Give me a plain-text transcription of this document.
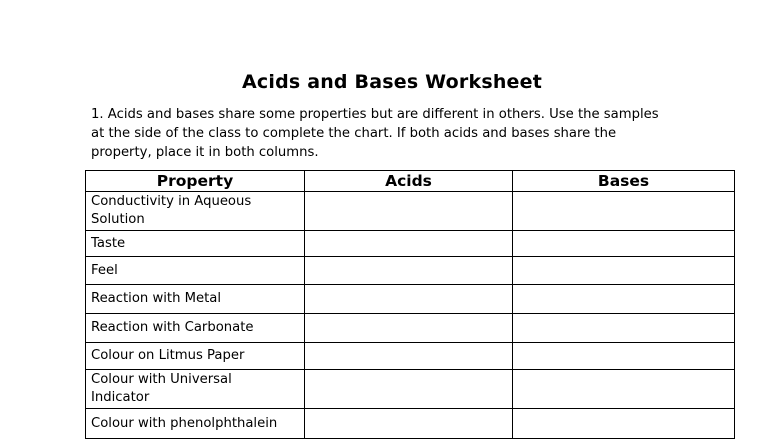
Acids and Bases Worksheet
1. Acids and bases share some properties but are different in others. Use the samples
at the side of the class to complete the chart. If both acids and bases share the
property, place it in both columns.
Property	Acids	Bases

Conductivity in Aqueous
Solution		

Taste		

Feel		

Reaction with Metal		

Reaction with Carbonate		

Colour on Litmus Paper		

Colour with Universal
Indicator		

Colour with phenolphthalein		
